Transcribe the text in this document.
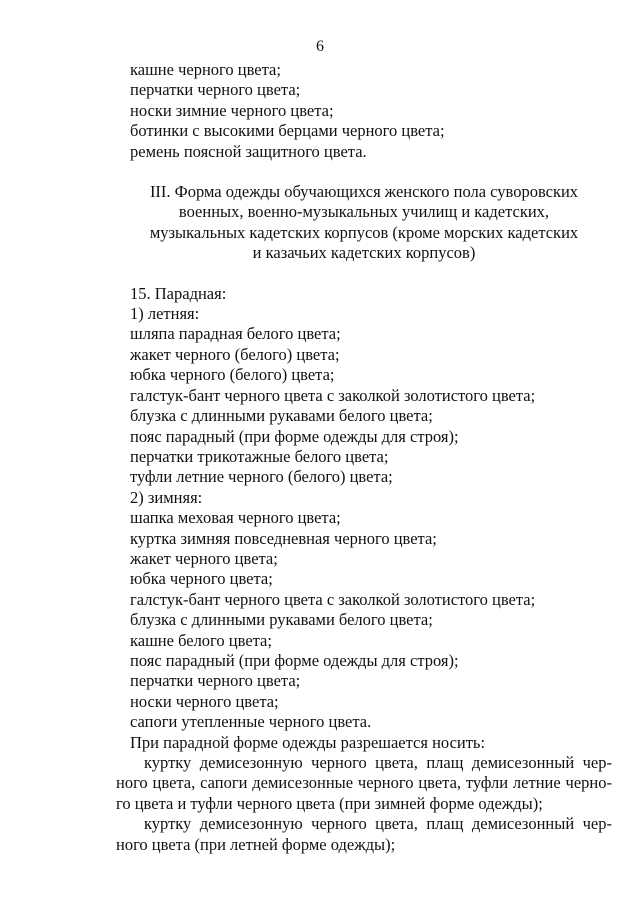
6
кашне черного цвета;
перчатки черного цвета;
носки зимние черного цвета;
ботинки с высокими берцами черного цвета;
ремень поясной защитного цвета.
III. Форма одежды обучающихся женского пола суворовских
военных, военно-музыкальных училищ и кадетских,
музыкальных кадетских корпусов (кроме морских кадетских
и казачьих кадетских корпусов)
15. Парадная:
1) летняя:
шляпа парадная белого цвета;
жакет черного (белого) цвета;
юбка черного (белого) цвета;
галстук-бант черного цвета с заколкой золотистого цвета;
блузка с длинными рукавами белого цвета;
пояс парадный (при форме одежды для строя);
перчатки трикотажные белого цвета;
туфли летние черного (белого) цвета;
2) зимняя:
шапка меховая черного цвета;
куртка зимняя повседневная черного цвета;
жакет черного цвета;
юбка черного цвета;
галстук-бант черного цвета с заколкой золотистого цвета;
блузка с длинными рукавами белого цвета;
кашне белого цвета;
пояс парадный (при форме одежды для строя);
перчатки черного цвета;
носки черного цвета;
сапоги утепленные черного цвета.
При парадной форме одежды разрешается носить:
куртку демисезонную черного цвета, плащ демисезонный чер-
ного цвета, сапоги демисезонные черного цвета, туфли летние черно-
го цвета и туфли черного цвета (при зимней форме одежды);
куртку демисезонную черного цвета, плащ демисезонный чер-
ного цвета (при летней форме одежды);
